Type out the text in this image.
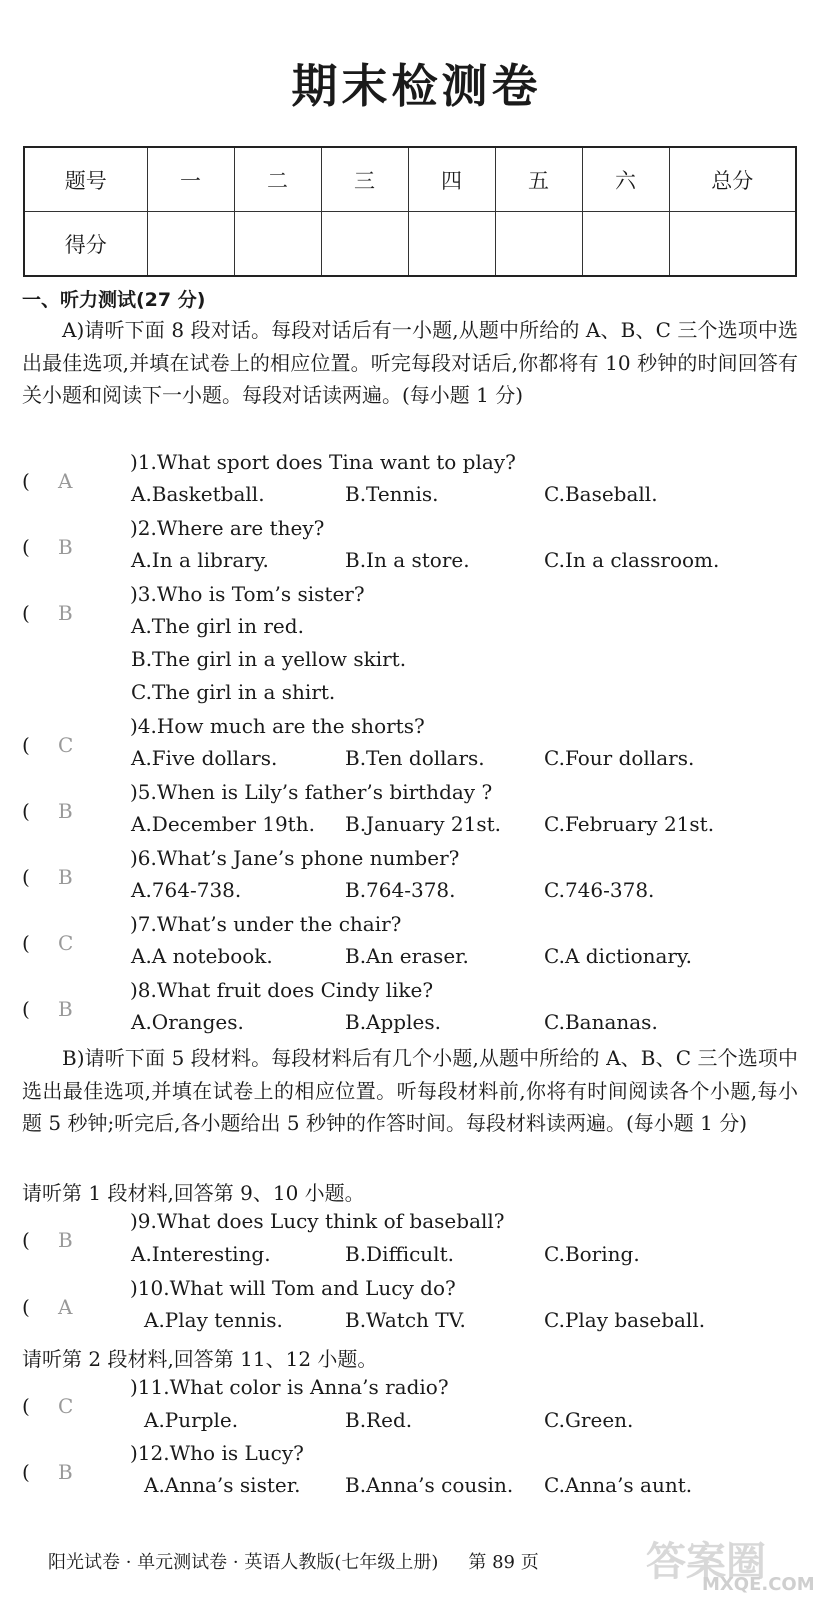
期末检测卷
题号	一	二	三	四	五	六	总分
得分							
一、听力测试(27 分)
A)请听下面 8 段对话。每段对话后有一小题,从题中所给的 A、B、C 三个选项中选出最佳选项,并填在试卷上的相应位置。听完每段对话后,你都将有 10 秒钟的时间回答有关小题和阅读下一小题。每段对话读两遍。(每小题 1 分)
( A
)1.What sport does Tina want to play?
A.Basketball.	B.Tennis.	C.Baseball.
( B
)2.Where are they?
A.In a library.	B.In a store.	C.In a classroom.
( B
)3.Who is Tom’s sister?
A.The girl in red.
B.The girl in a yellow skirt.
C.The girl in a shirt.
( C
)4.How much are the shorts?
A.Five dollars.	B.Ten dollars.	C.Four dollars.
( B
)5.When is Lily’s father’s birthday ?
A.December 19th. B.January 21st. C.February 21st.
( B
)6.What’s Jane’s phone number?
A.764-738.	B.764-378.	C.746-378.
( C
)7.What’s under the chair?
A.A notebook.	B.An eraser.	C.A dictionary.
( B
)8.What fruit does Cindy like?
A.Oranges.	B.Apples.	C.Bananas.
( B
)9.What does Lucy think of baseball?
A.Interesting.	B.Difficult.	C.Boring.
( A
)10.What will Tom and Lucy do?
A.Play tennis.	B.Watch TV.	C.Play baseball.
( C
)11.What color is Anna’s radio?
A.Purple.	B.Red.	C.Green.
( B
)12.Who is Lucy?
A.Anna’s sister. B.Anna’s cousin. C.Anna’s aunt.
B)请听下面 5 段材料。每段材料后有几个小题,从题中所给的 A、B、C 三个选项中选出最佳选项,并填在试卷上的相应位置。听每段材料前,你将有时间阅读各个小题,每小题 5 秒钟;听完后,各小题给出 5 秒钟的作答时间。每段材料读两遍。(每小题 1 分)
请听第 1 段材料,回答第 9、10 小题。
请听第 2 段材料,回答第 11、12 小题。
阳光试卷 · 单元测试卷 · 英语人教版(七年级上册) 第 89 页	答案圈
MXQE.COM
